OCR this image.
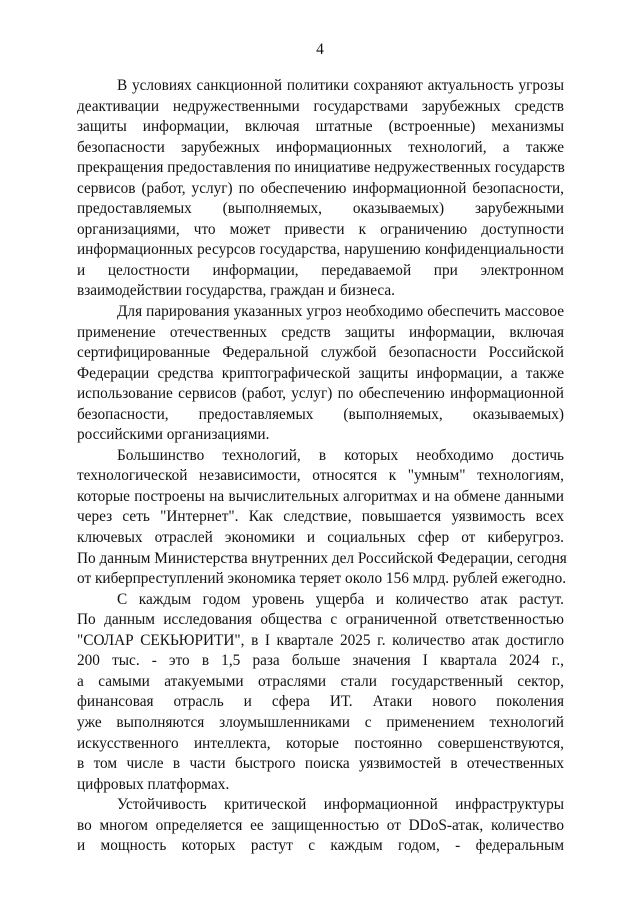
4
В условиях санкционной политики сохраняют актуальность угрозы
деактивации недружественными государствами зарубежных средств
защиты информации, включая штатные (встроенные) механизмы
безопасности зарубежных информационных технологий, а также
прекращения предоставления по инициативе недружественных государств
сервисов (работ, услуг) по обеспечению информационной безопасности,
предоставляемых (выполняемых, оказываемых) зарубежными
организациями, что может привести к ограничению доступности
информационных ресурсов государства, нарушению конфиденциальности
и целостности информации, передаваемой при электронном
взаимодействии государства, граждан и бизнеса.
Для парирования указанных угроз необходимо обеспечить массовое
применение отечественных средств защиты информации, включая
сертифицированные Федеральной службой безопасности Российской
Федерации средства криптографической защиты информации, а также
использование сервисов (работ, услуг) по обеспечению информационной
безопасности, предоставляемых (выполняемых, оказываемых)
российскими организациями.
Большинство технологий, в которых необходимо достичь
технологической независимости, относятся к "умным" технологиям,
которые построены на вычислительных алгоритмах и на обмене данными
через сеть "Интернет". Как следствие, повышается уязвимость всех
ключевых отраслей экономики и социальных сфер от киберугроз.
По данным Министерства внутренних дел Российской Федерации, сегодня
от киберпреступлений экономика теряет около 156 млрд. рублей ежегодно.
С каждым годом уровень ущерба и количество атак растут.
По данным исследования общества с ограниченной ответственностью
"СОЛАР СЕКЬЮРИТИ", в I квартале 2025 г. количество атак достигло
200 тыс. - это в 1,5 раза больше значения I квартала 2024 г.,
а самыми атакуемыми отраслями стали государственный сектор,
финансовая отрасль и сфера ИТ. Атаки нового поколения
уже выполняются злоумышленниками с применением технологий
искусственного интеллекта, которые постоянно совершенствуются,
в том числе в части быстрого поиска уязвимостей в отечественных
цифровых платформах.
Устойчивость критической информационной инфраструктуры
во многом определяется ее защищенностью от DDoS-атак, количество
и мощность которых растут с каждым годом, - федеральным
